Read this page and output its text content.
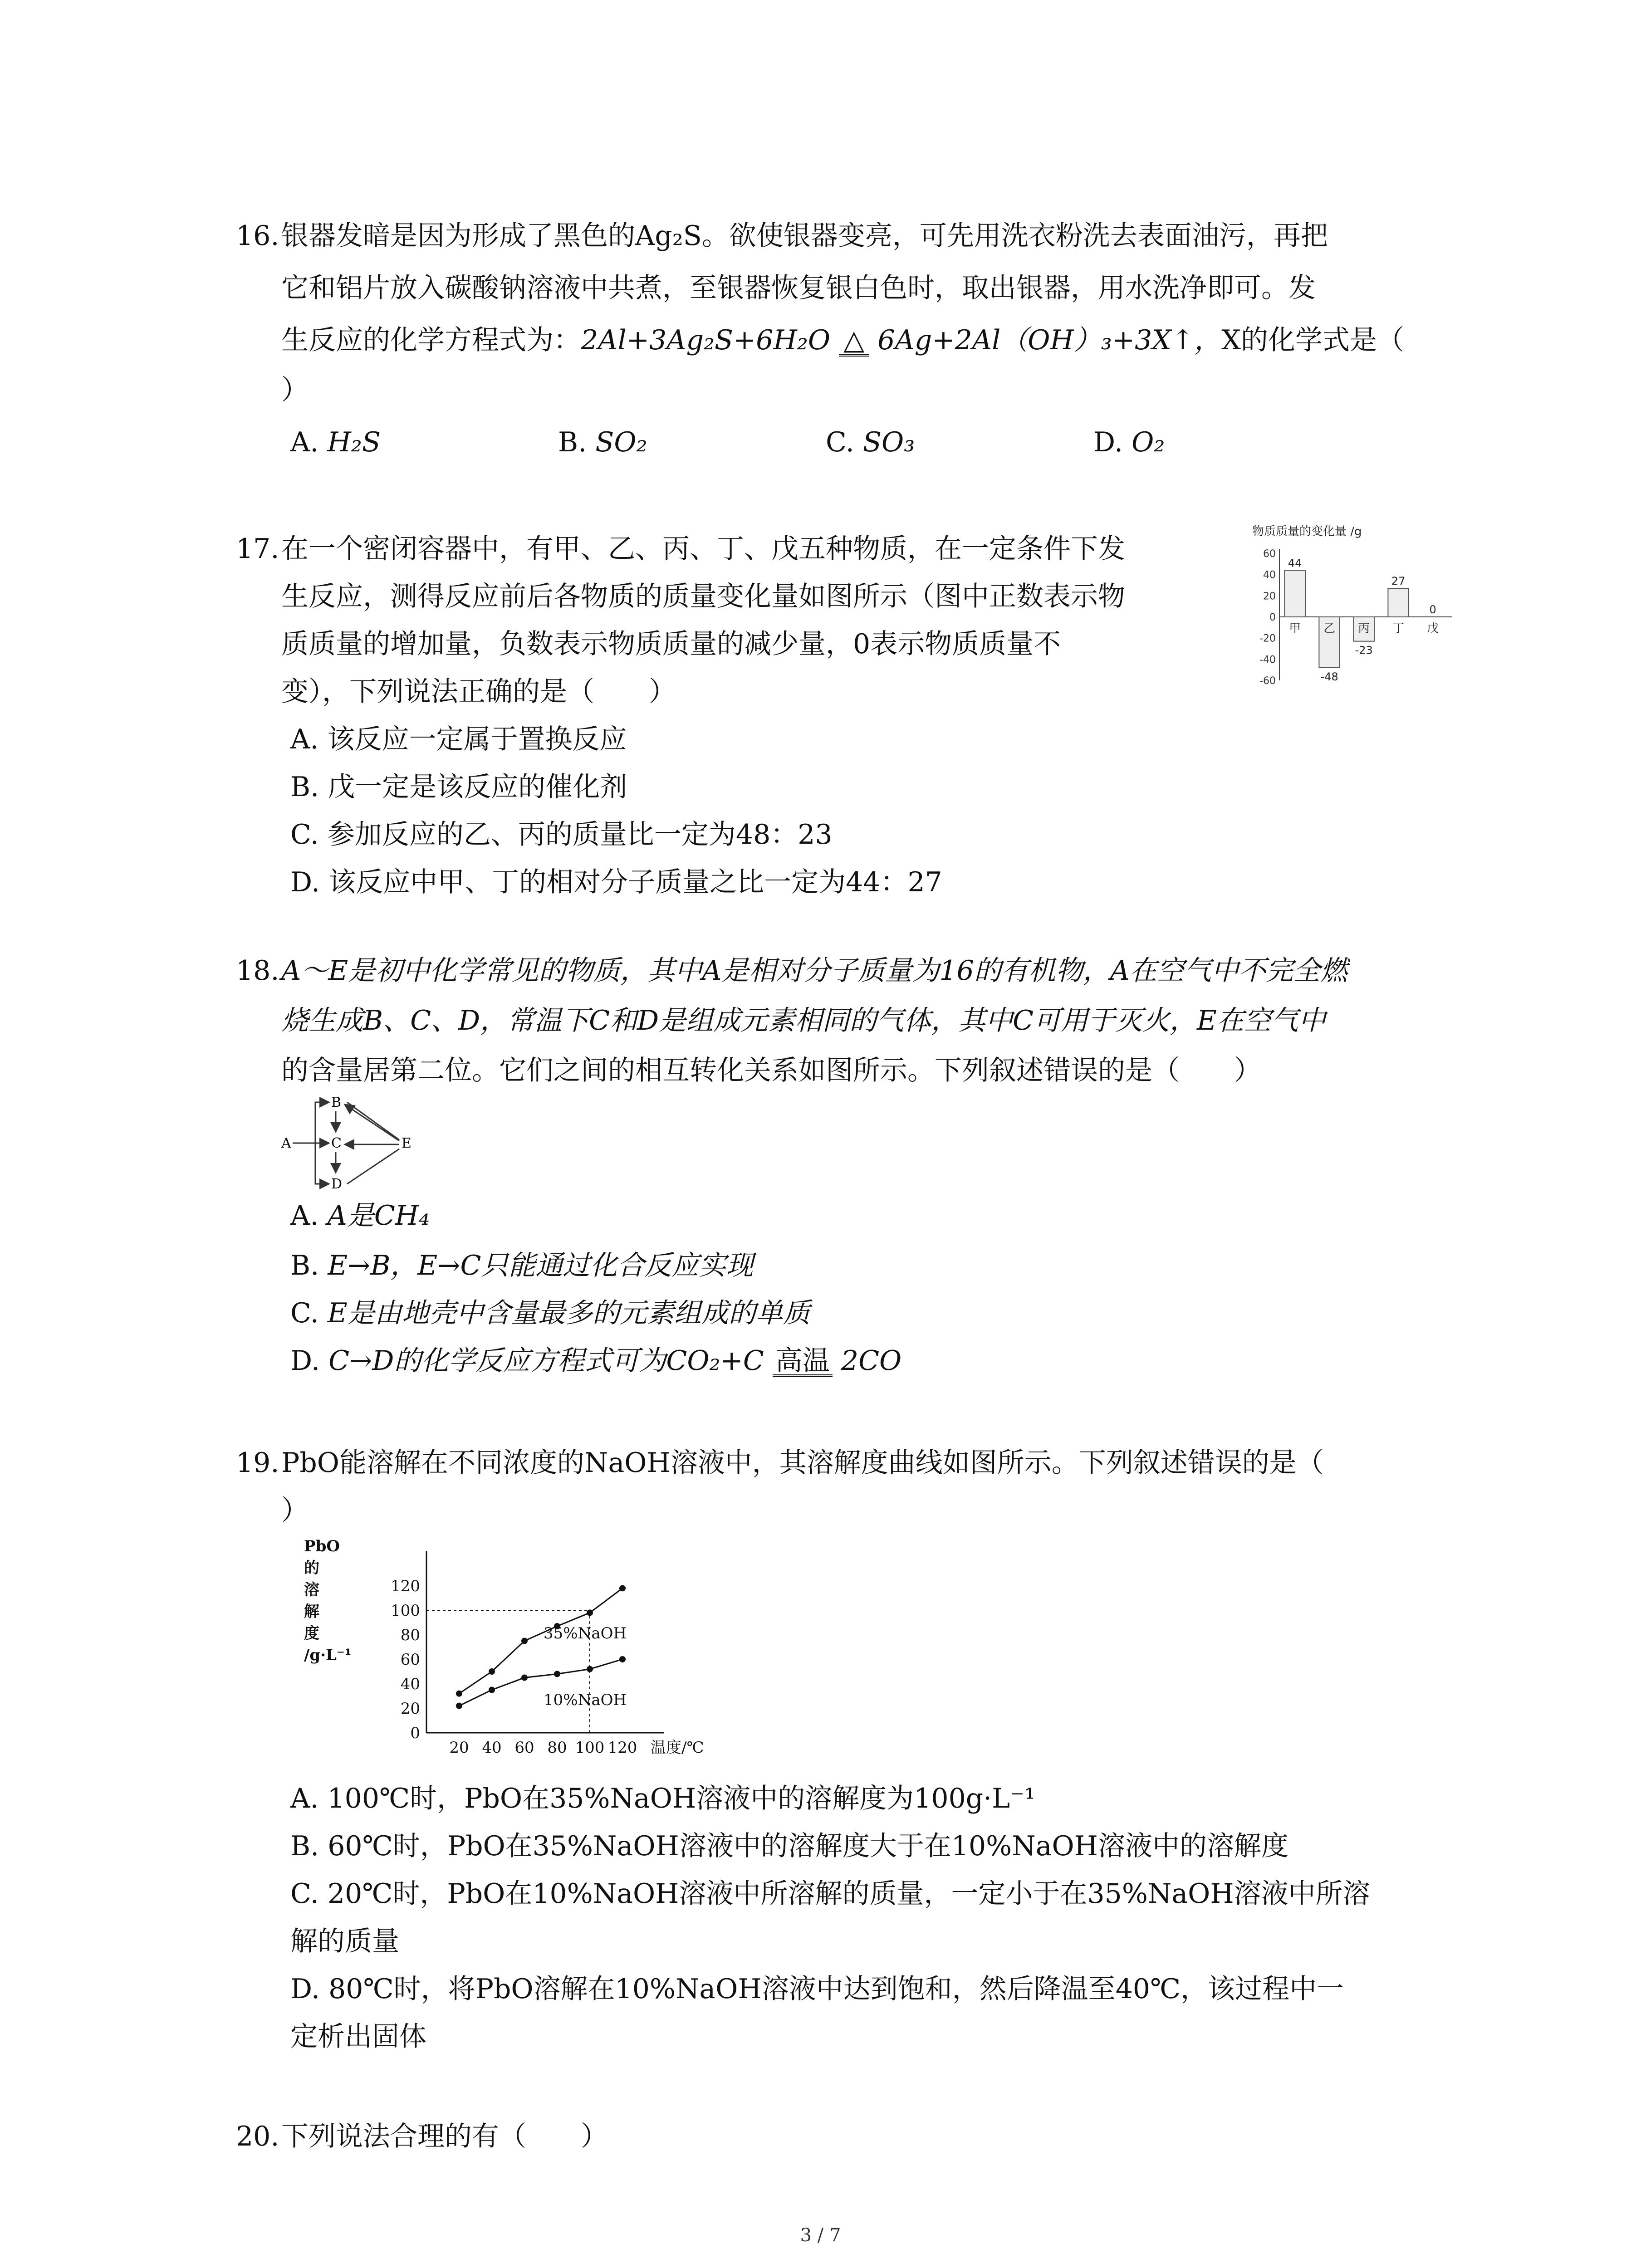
16. 银器发暗是因为形成了黑色的Ag₂S。欲使银器变亮，可先用洗衣粉洗去表面油污，再把
它和铝片放入碳酸钠溶液中共煮，至银器恢复银白色时，取出银器，用水洗净即可。发
生反应的化学方程式为：2Al+3Ag₂S+6H₂O △ 6Ag+2Al（OH）₃+3X↑，X的化学式是（
）
A. H₂S	B. SO₂	C. SO₃	D. O₂
17. 在一个密闭容器中，有甲、乙、丙、丁、戊五种物质，在一定条件下发
生反应，测得反应前后各物质的质量变化量如图所示（图中正数表示物
质质量的增加量，负数表示物质质量的减少量，0表示物质质量不
变），下列说法正确的是（　　）
A. 该反应一定属于置换反应
B. 戊一定是该反应的催化剂
C. 参加反应的乙、丙的质量比一定为48：23
D. 该反应中甲、丁的相对分子质量之比一定为44：27
物质质量的变化量 /g
60
40
20
0
-20
-40
-60
44
甲
-48
乙
-23
丙
27
丁
0
戊
18. A～E是初中化学常见的物质，其中A是相对分子质量为16的有机物，A在空气中不完全燃
烧生成B、C、D，常温下C和D是组成元素相同的气体，其中C可用于灭火，E在空气中
的含量居第二位。它们之间的相互转化关系如图所示。下列叙述错误的是（　　）
A
B
C
D
E
A. A是CH₄
B. E→B，E→C只能通过化合反应实现
C. E是由地壳中含量最多的元素组成的单质
D. C→D的化学反应方程式可为CO₂+C 高温 2CO
19. PbO能溶解在不同浓度的NaOH溶液中，其溶解度曲线如图所示。下列叙述错误的是（
）
PbO
的
溶
解
度
/g·L⁻¹
0
20
40
60
80
100
120
20 40 60 80 100 120 温度/℃
35%NaOH
10%NaOH
A. 100℃时，PbO在35%NaOH溶液中的溶解度为100g·L⁻¹
B. 60℃时，PbO在35%NaOH溶液中的溶解度大于在10%NaOH溶液中的溶解度
C. 20℃时，PbO在10%NaOH溶液中所溶解的质量，一定小于在35%NaOH溶液中所溶
解的质量
D. 80℃时，将PbO溶解在10%NaOH溶液中达到饱和，然后降温至40℃，该过程中一
定析出固体
20. 下列说法合理的有（　　）
3 / 7
